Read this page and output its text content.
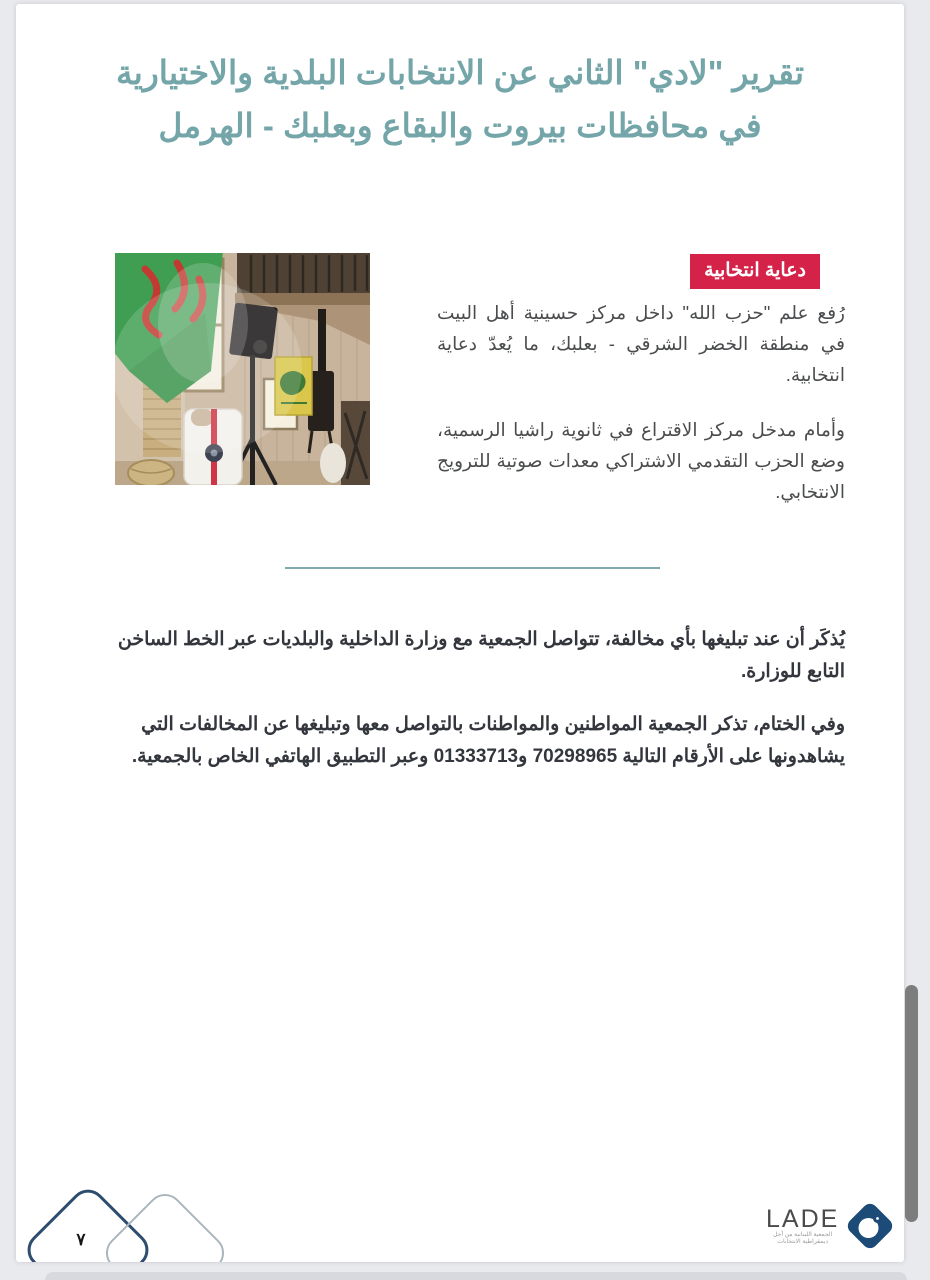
تقرير "لادي" الثاني عن الانتخابات البلدية والاختيارية
في محافظات بيروت والبقاع وبعلبك - الهرمل
دعاية انتخابية

رُفع علم "حزب الله" داخل مركز حسينية أهل البيت في منطقة الخضر الشرقي - بعلبك، ما يُعدّ دعاية انتخابية.

وأمام مدخل مركز الاقتراع في ثانوية راشيا الرسمية، وضع الحزب التقدمي الاشتراكي معدات صوتية للترويج الانتخابي.

يُذكَر أن عند تبليغها بأي مخالفة، تتواصل الجمعية مع وزارة الداخلية والبلديات عبر الخط الساخن التابع للوزارة.

وفي الختام، تذكر الجمعية المواطنين والمواطنات بالتواصل معها وتبليغها عن المخالفات التي يشاهدونها على الأرقام التالية 70298965 و01333713 وعبر التطبيق الهاتفي الخاص بالجمعية.

٧
LADE
الجمعية اللبنانية من أجل
ديمقراطية الانتخابات
